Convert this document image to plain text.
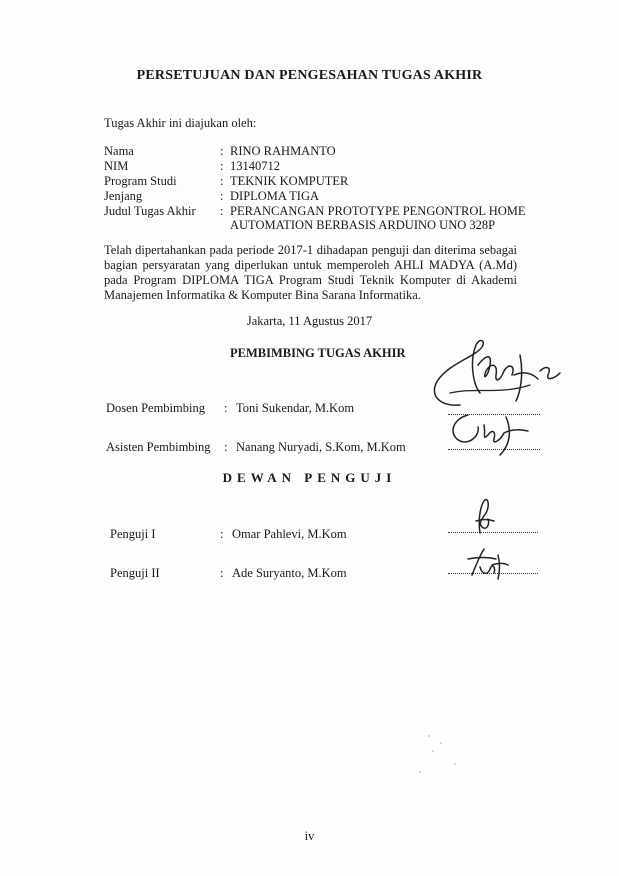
PERSETUJUAN DAN PENGESAHAN TUGAS AKHIR
Tugas Akhir ini diajukan oleh:
Nama	: RINO RAHMANTO
NIM	: 13140712
Program Studi	: TEKNIK KOMPUTER
Jenjang	: DIPLOMA TIGA
Judul Tugas Akhir	: PERANCANGAN PROTOTYPE PENGONTROL HOME AUTOMATION BERBASIS ARDUINO UNO 328P
Telah dipertahankan pada periode 2017-1 dihadapan penguji dan diterima sebagai bagian persyaratan yang diperlukan untuk memperoleh AHLI MADYA (A.Md) pada Program DIPLOMA TIGA Program Studi Teknik Komputer di Akademi Manajemen Informatika & Komputer Bina Sarana Informatika.
Jakarta, 11 Agustus 2017
PEMBIMBING TUGAS AKHIR
Dosen Pembimbing	: Toni Sukendar, M.Kom
Asisten Pembimbing	: Nanang Nuryadi, S.Kom, M.Kom
DEWAN PENGUJI
Penguji I	: Omar Pahlevi, M.Kom
Penguji II	: Ade Suryanto, M.Kom
iv
